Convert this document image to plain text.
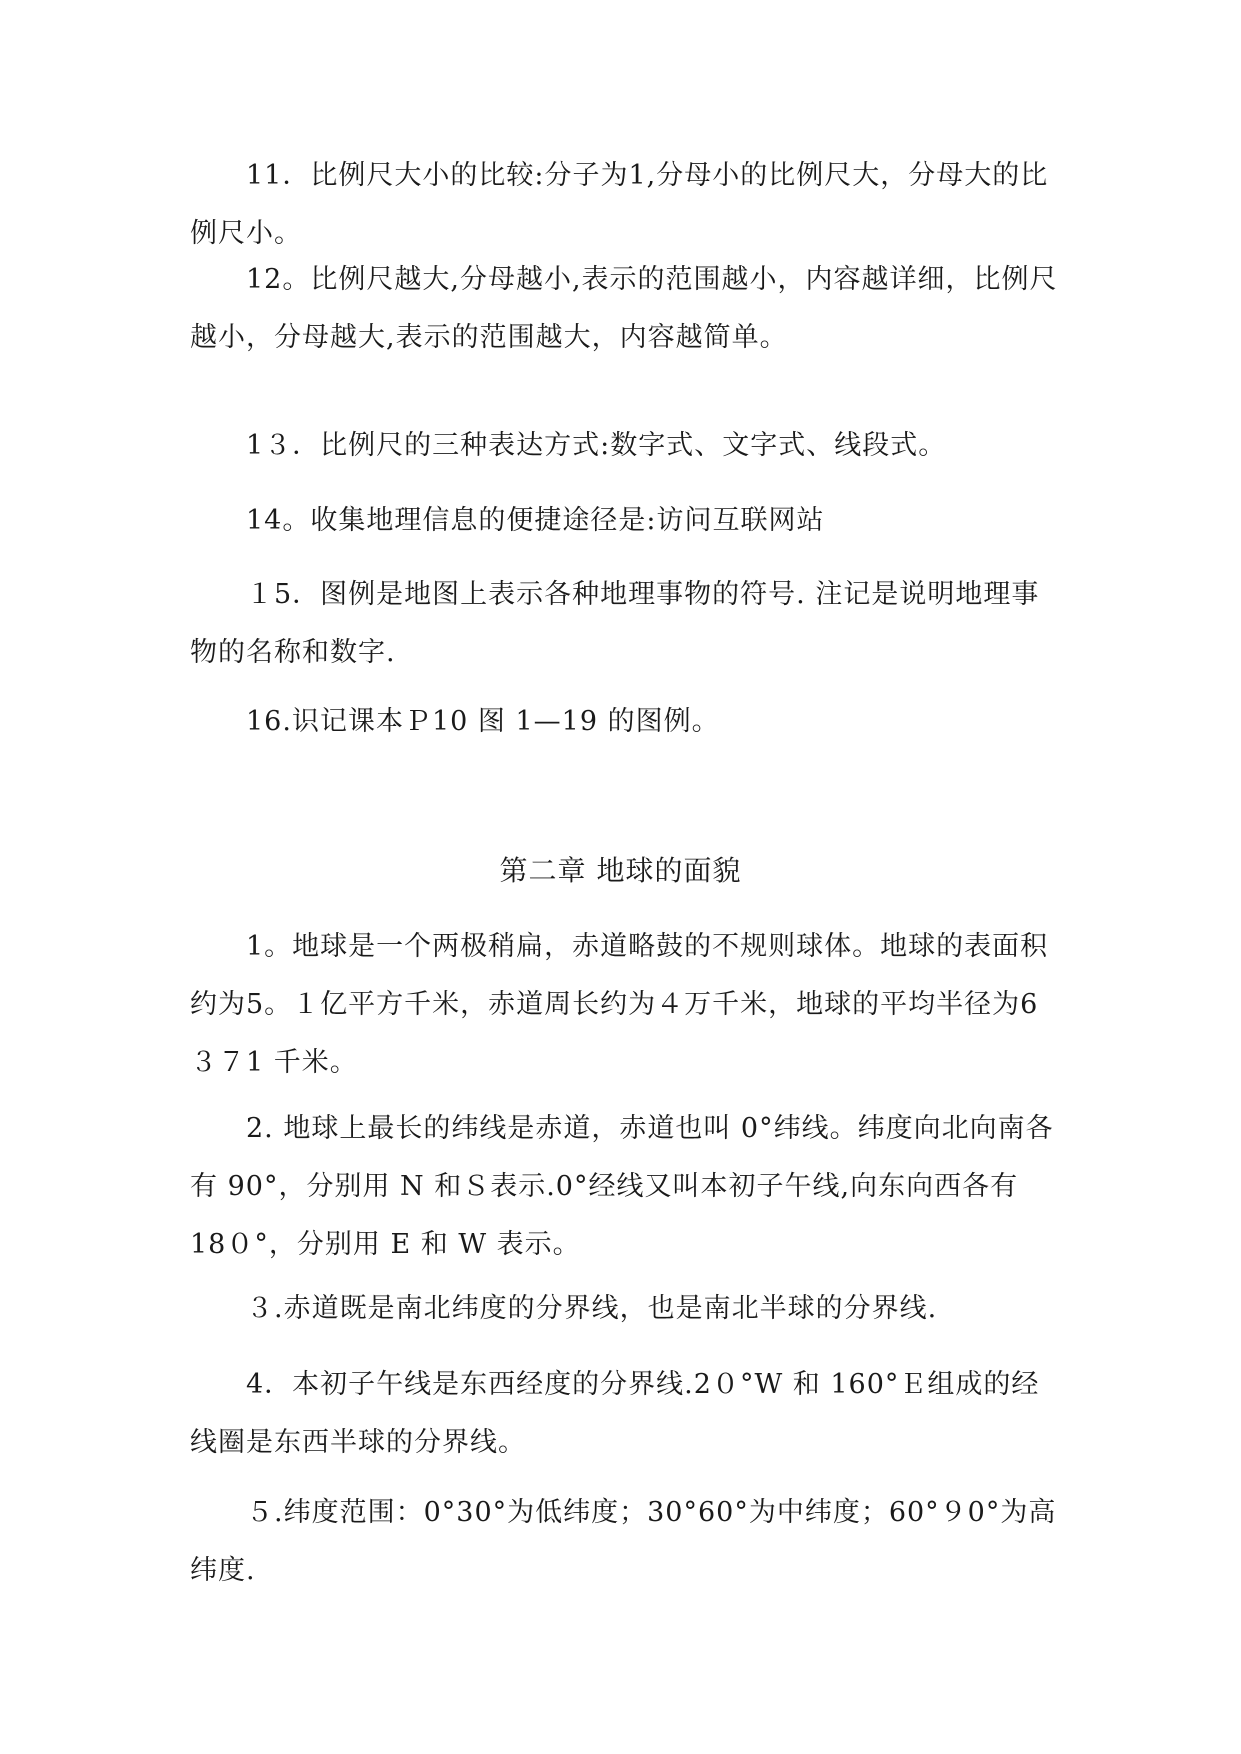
11．比例尺大小的比较:分子为1,分母小的比例尺大，分母大的比例尺小。

12。比例尺越大,分母越小,表示的范围越小，内容越详细，比例尺越小，分母越大,表示的范围越大，内容越简单。

1３．比例尺的三种表达方式:数字式、文字式、线段式。

14。收集地理信息的便捷途径是:访问互联网站

１5．图例是地图上表示各种地理事物的符号. 注记是说明地理事物的名称和数字.

16.识记课本Ｐ10 图 1—19 的图例。

第二章 地球的面貌

1。地球是一个两极稍扁，赤道略鼓的不规则球体。地球的表面积约为5。１亿平方千米，赤道周长约为４万千米，地球的平均半径为6３７1 千米。

2. 地球上最长的纬线是赤道，赤道也叫 0°纬线。纬度向北向南各有 90°，分别用 N 和Ｓ表示.0°经线又叫本初子午线,向东向西各有 18０°，分别用 E 和 W 表示。

３.赤道既是南北纬度的分界线，也是南北半球的分界线.

4．本初子午线是东西经度的分界线.2０°W 和 160°Ｅ组成的经线圈是东西半球的分界线。

５.纬度范围：0°30°为低纬度；30°60°为中纬度；60°９0°为高纬度.
